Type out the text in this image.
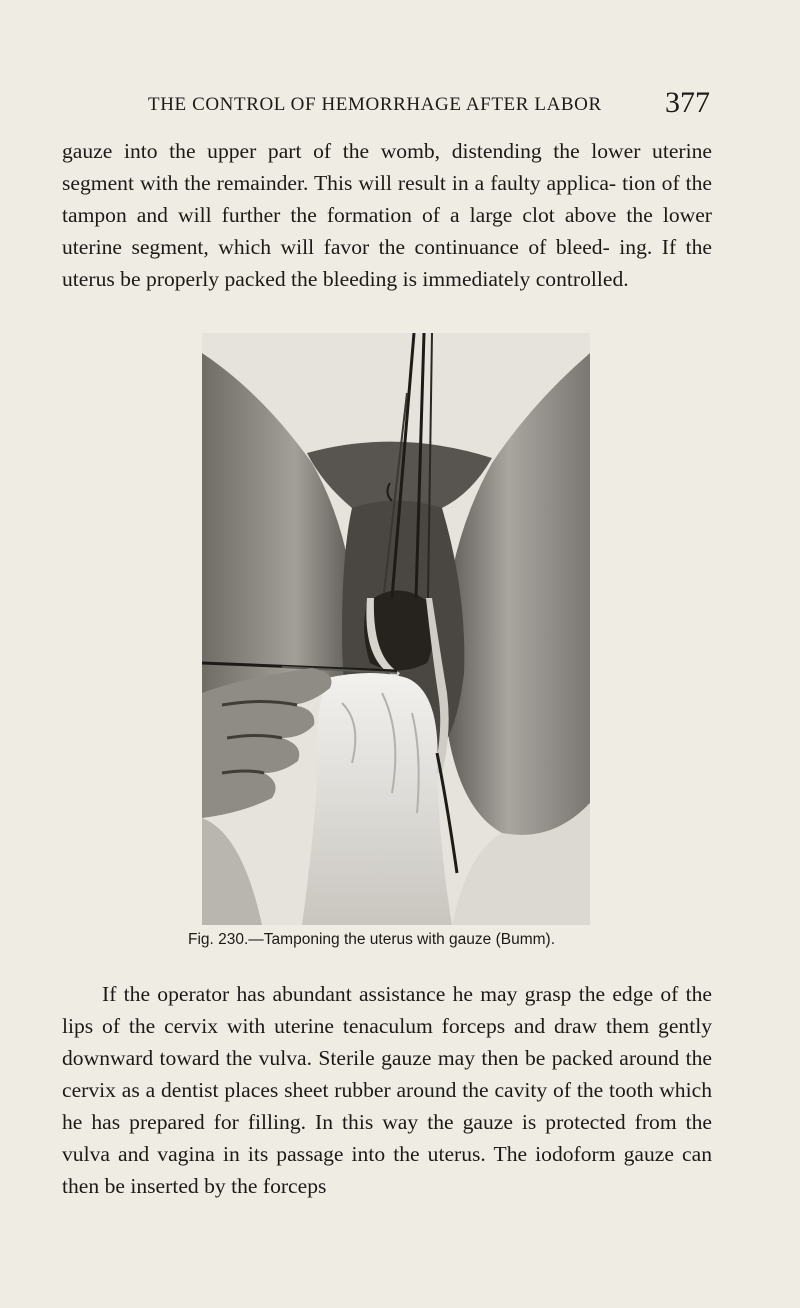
THE CONTROL OF HEMORRHAGE AFTER LABOR 377

gauze into the upper part of the womb, distending the lower uterine segment with the remainder. This will result in a faulty applica- tion of the tampon and will further the formation of a large clot above the lower uterine segment, which will favor the continuance of bleed- ing. If the uterus be properly packed the bleeding is immediately controlled.

Fig. 230.—Tamponing the uterus with gauze (Bumm).

If the operator has abundant assistance he may grasp the edge of the lips of the cervix with uterine tenaculum forceps and draw them gently downward toward the vulva. Sterile gauze may then be packed around the cervix as a dentist places sheet rubber around the cavity of the tooth which he has prepared for filling. In this way the gauze is protected from the vulva and vagina in its passage into the uterus. The iodoform gauze can then be inserted by the forceps
